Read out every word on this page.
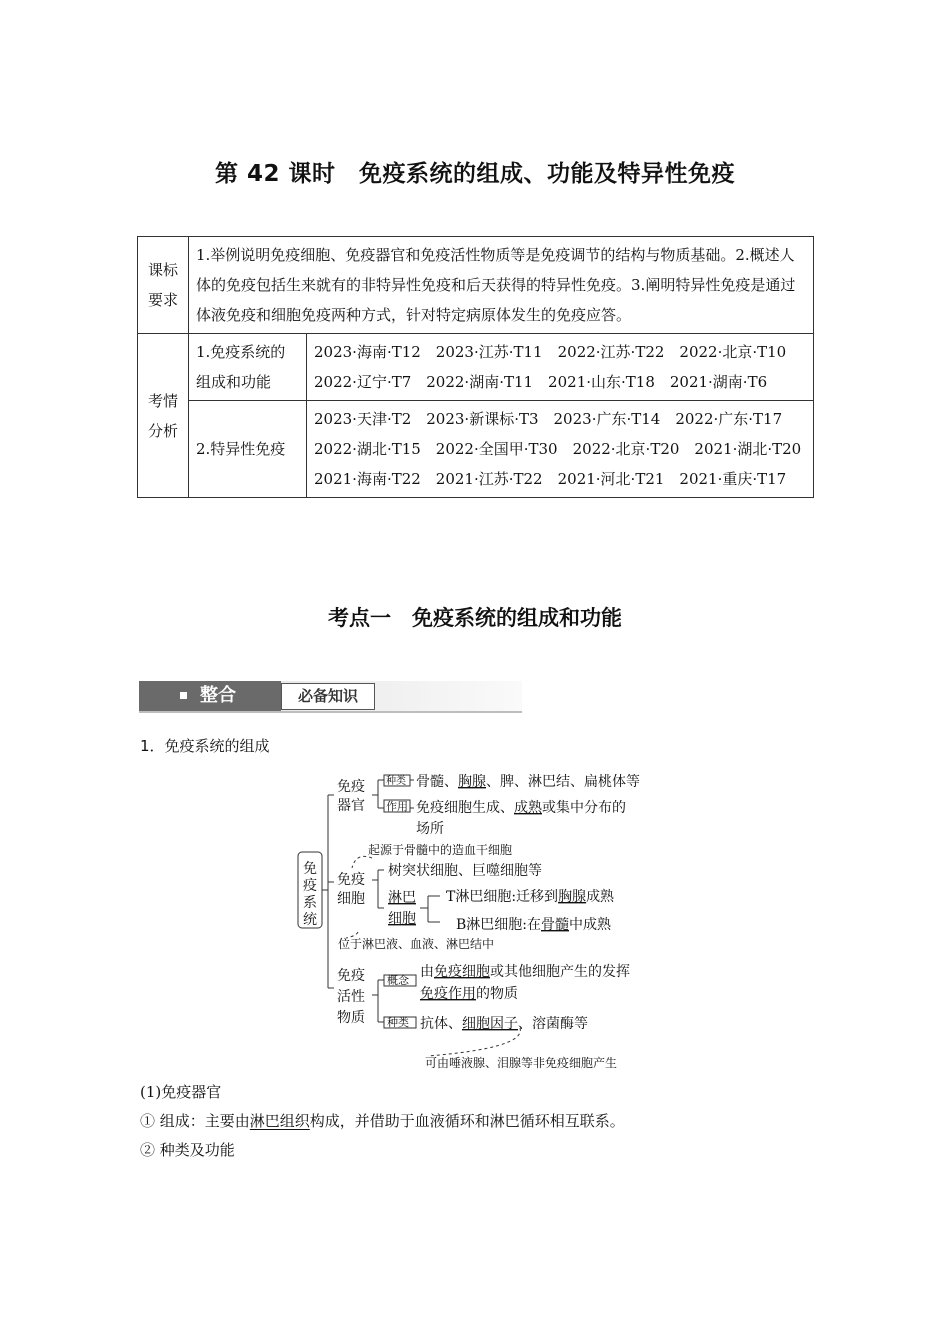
第 42 课时　免疫系统的组成、功能及特异性免疫
课标要求	1.举例说明免疫细胞、免疫器官和免疫活性物质等是免疫调节的结构与物质基础。2.概述人体的免疫包括生来就有的非特异性免疫和后天获得的特异性免疫。3.阐明特异性免疫是通过体液免疫和细胞免疫两种方式，针对特定病原体发生的免疫应答。	
考情分析	1.免疫系统的组成和功能	2023·海南·T12　2023·江苏·T11　2022·江苏·T22　2022·北京·T10
2022·辽宁·T7　2022·湖南·T11　2021·山东·T18　2021·湖南·T6

	2.特异性免疫	2023·天津·T2　2023·新课标·T3　2023·广东·T14　2022·广东·T17
2022·湖北·T15　2022·全国甲·T30　2022·北京·T20　2021·湖北·T20
2021·海南·T22　2021·江苏·T22　2021·河北·T21　2021·重庆·T17
考点一　免疫系统的组成和功能
整合	必备知识
1．免疫系统的组成
免
疫
系
统
免疫
器官
种类
作用
骨髓、胸腺、脾、淋巴结、扁桃体等
免疫细胞生成、成熟或集中分布的
场所
起源于骨髓中的造血干细胞
免疫
细胞
树突状细胞、巨噬细胞等
淋巴
细胞
T淋巴细胞:迁移到胸腺成熟
B淋巴细胞:在骨髓中成熟
位于淋巴液、血液、淋巴结中
免疫
活性
物质
概念
种类
由免疫细胞或其他细胞产生的发挥
免疫作用的物质
抗体、细胞因子、溶菌酶等
可由唾液腺、泪腺等非免疫细胞产生
(1)免疫器官
① 组成：主要由淋巴组织构成，并借助于血液循环和淋巴循环相互联系。
② 种类及功能
